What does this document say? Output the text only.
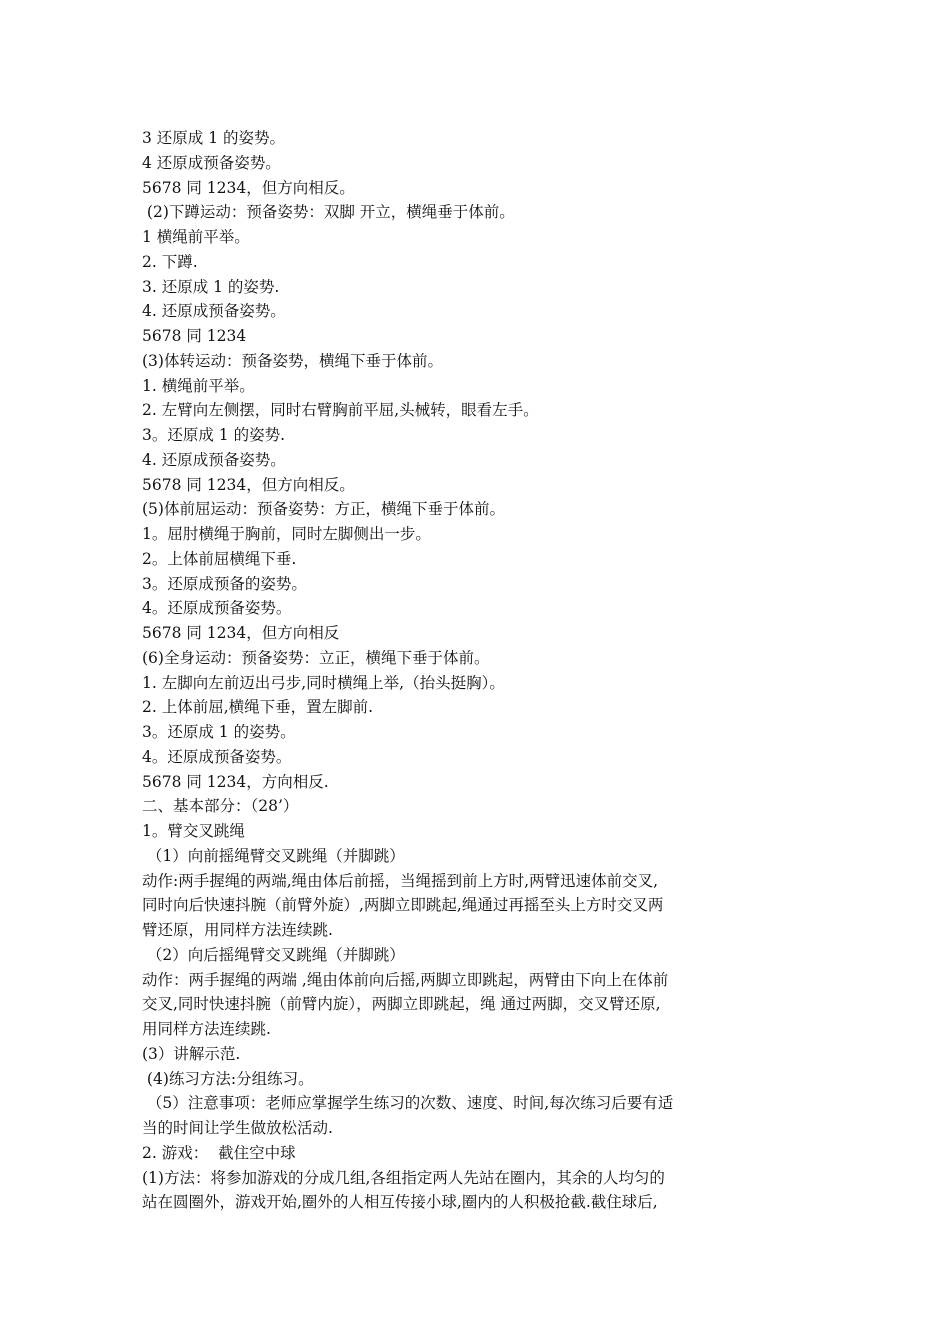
3 还原成 1 的姿势。
4 还原成预备姿势。
5678 同 1234，但方向相反。
(2)下蹲运动：预备姿势：双脚 开立，横绳垂于体前。
1 横绳前平举。
2. 下蹲.
3. 还原成 1 的姿势.
4. 还原成预备姿势。
5678 同 1234
(3)体转运动：预备姿势，横绳下垂于体前。
1. 横绳前平举。
2. 左臂向左侧摆，同时右臂胸前平屈,头械转，眼看左手。
3。还原成 1 的姿势.
4. 还原成预备姿势。
5678 同 1234，但方向相反。
(5)体前屈运动：预备姿势：方正，横绳下垂于体前。
1。屈肘横绳于胸前，同时左脚侧出一步。
2。上体前屈横绳下垂.
3。还原成预备的姿势。
4。还原成预备姿势。
5678 同 1234，但方向相反
(6)全身运动：预备姿势：立正，横绳下垂于体前。
1. 左脚向左前迈出弓步,同时横绳上举,（抬头挺胸）。
2. 上体前屈,横绳下垂，置左脚前.
3。还原成 1 的姿势。
4。还原成预备姿势。
5678 同 1234，方向相反.
二、基本部分：（28’）
1。臂交叉跳绳
（1）向前摇绳臂交叉跳绳（并脚跳）
动作:两手握绳的两端,绳由体后前摇，当绳摇到前上方时,两臂迅速体前交叉,
同时向后快速抖腕（前臂外旋）,两脚立即跳起,绳通过再摇至头上方时交叉两
臂还原，用同样方法连续跳.
（2）向后摇绳臂交叉跳绳（并脚跳）
动作：两手握绳的两端 ,绳由体前向后摇,两脚立即跳起，两臂由下向上在体前
交叉,同时快速抖腕（前臂内旋），两脚立即跳起，绳 通过两脚，交叉臂还原,
用同样方法连续跳.
(3）讲解示范.
(4)练习方法:分组练习。
（5）注意事项：老师应掌握学生练习的次数、速度、时间,每次练习后要有适
当的时间让学生做放松活动.
2. 游戏：  截住空中球
(1)方法：将参加游戏的分成几组,各组指定两人先站在圈内，其余的人均匀的
站在圆圈外，游戏开始,圈外的人相互传接小球,圈内的人积极抢截.截住球后,
